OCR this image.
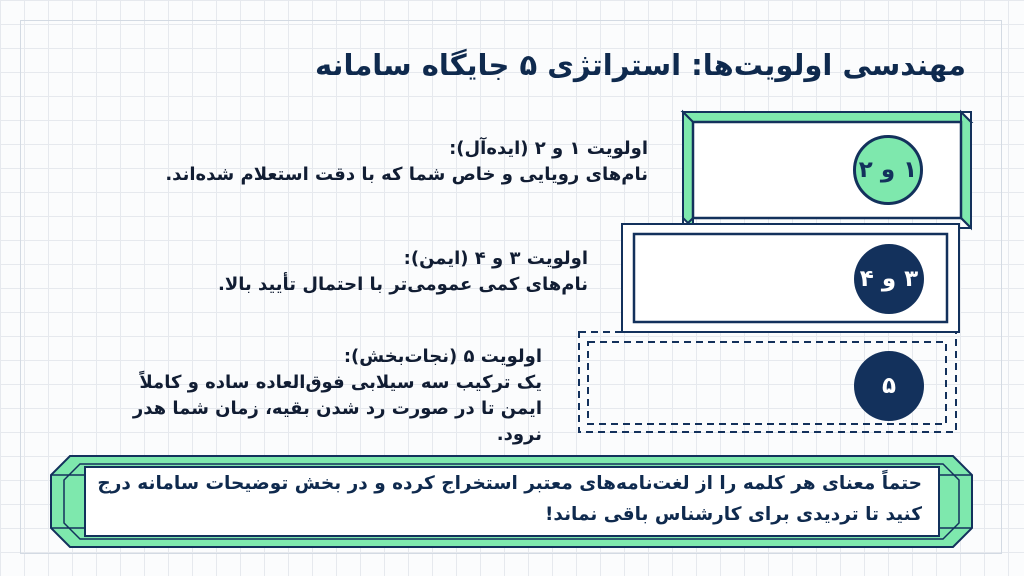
مهندسی اولویت‌ها: استراتژی ۵ جایگاه سامانه
اولویت ۱ و ۲ (ایده‌آل):
نام‌های رویایی و خاص شما که با دقت استعلام شده‌اند.
اولویت ۳ و ۴ (ایمن):
نام‌های کمی عمومی‌تر با احتمال تأیید بالا.
اولویت ۵ (نجات‌بخش):
یک ترکیب سه سیلابی فوق‌العاده ساده و کاملاً ایمن تا در صورت رد شدن بقیه، زمان شما هدر نرود.
۱ و ۲
۳ و ۴
۵
حتماً معنای هر کلمه را از لغت‌نامه‌های معتبر استخراج کرده و در بخش توضیحات سامانه درج کنید تا تردیدی برای کارشناس باقی نماند!
